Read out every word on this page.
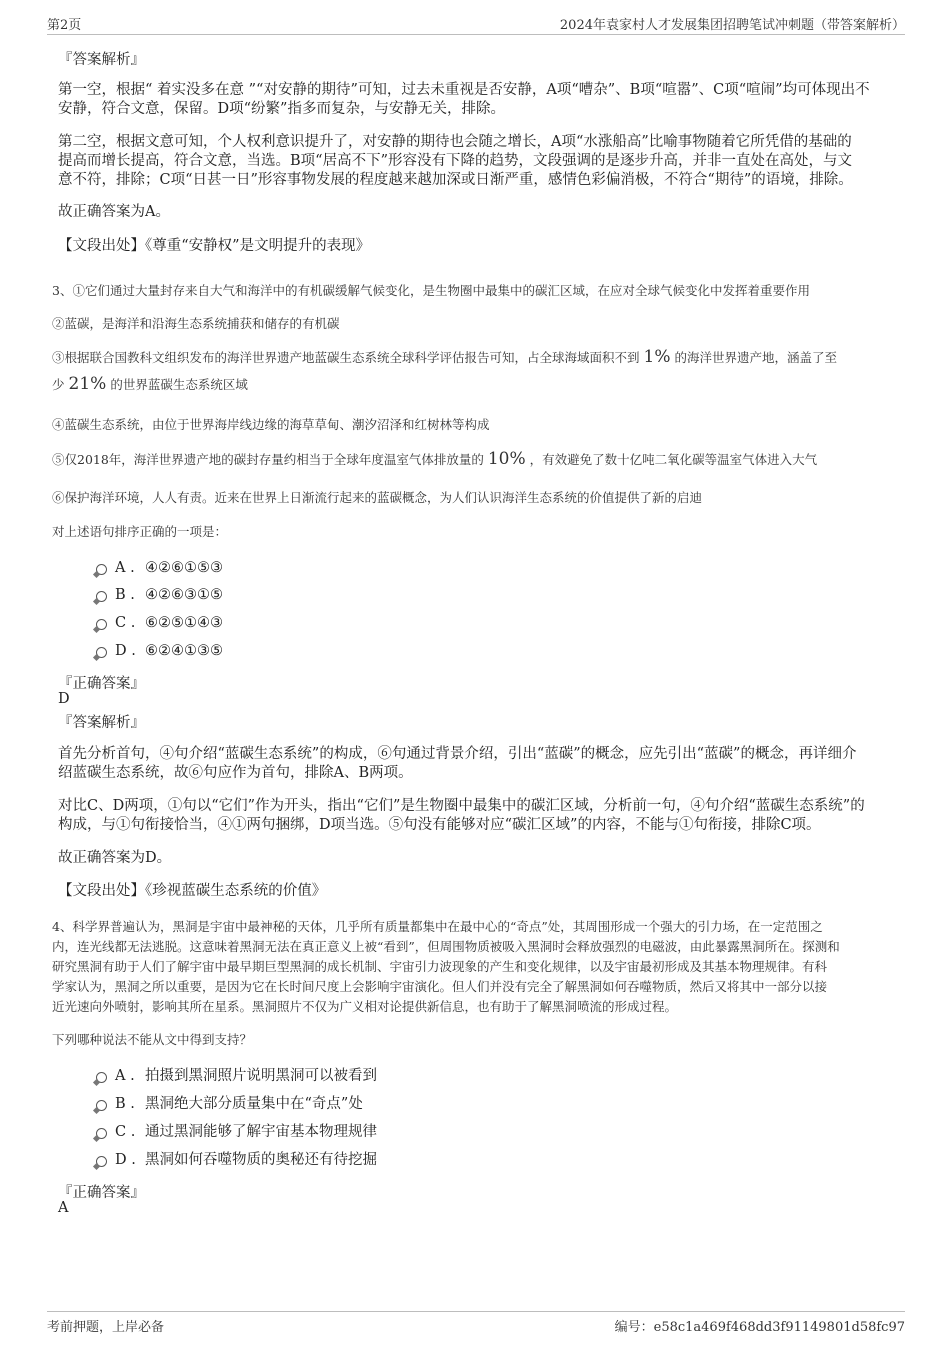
第2页	2024年袁家村人才发展集团招聘笔试冲刺题（带答案解析）
『答案解析』
第一空，根据“ 着实没多在意 ”“对安静的期待”可知，过去未重视是否安静，A项“嘈杂”、B项“喧嚣”、C项“喧闹”均可体现出不
安静，符合文意，保留。D项“纷繁”指多而复杂，与安静无关，排除。
第二空，根据文意可知，个人权利意识提升了，对安静的期待也会随之增长，A项“水涨船高”比喻事物随着它所凭借的基础的
提高而增长提高，符合文意，当选。B项“居高不下”形容没有下降的趋势，文段强调的是逐步升高，并非一直处在高处，与文
意不符，排除；C项“日甚一日”形容事物发展的程度越来越加深或日渐严重，感情色彩偏消极，不符合“期待”的语境，排除。
故正确答案为A。
【文段出处】《尊重“安静权”是文明提升的表现》
3、①它们通过大量封存来自大气和海洋中的有机碳缓解气候变化，是生物圈中最集中的碳汇区域，在应对全球气候变化中发挥着重要作用
②蓝碳，是海洋和沿海生态系统捕获和储存的有机碳
③根据联合国教科文组织发布的海洋世界遗产地蓝碳生态系统全球科学评估报告可知，占全球海域面积不到 1% 的海洋世界遗产地，涵盖了至
少 21% 的世界蓝碳生态系统区域
④蓝碳生态系统，由位于世界海岸线边缘的海草草甸、潮汐沼泽和红树林等构成
⑤仅2018年，海洋世界遗产地的碳封存量约相当于全球年度温室气体排放量的 10% ，有效避免了数十亿吨二氧化碳等温室气体进入大气
⑥保护海洋环境，人人有责。近来在世界上日渐流行起来的蓝碳概念，为人们认识海洋生态系统的价值提供了新的启迪
对上述语句排序正确的一项是：
A . ④②⑥①⑤③
B . ④②⑥③①⑤
C . ⑥②⑤①④③
D . ⑥②④①③⑤
『正确答案』
D
『答案解析』
首先分析首句，④句介绍“蓝碳生态系统”的构成，⑥句通过背景介绍，引出“蓝碳”的概念，应先引出“蓝碳”的概念，再详细介
绍蓝碳生态系统，故⑥句应作为首句，排除A、B两项。
对比C、D两项，①句以“它们”作为开头，指出“它们”是生物圈中最集中的碳汇区域，分析前一句，④句介绍“蓝碳生态系统”的
构成，与①句衔接恰当，④①两句捆绑，D项当选。⑤句没有能够对应“碳汇区域”的内容，不能与①句衔接，排除C项。
故正确答案为D。
【文段出处】《珍视蓝碳生态系统的价值》
4、科学界普遍认为，黑洞是宇宙中最神秘的天体，几乎所有质量都集中在最中心的“奇点”处，其周围形成一个强大的引力场，在一定范围之
内，连光线都无法逃脱。这意味着黑洞无法在真正意义上被“看到”，但周围物质被吸入黑洞时会释放强烈的电磁波，由此暴露黑洞所在。探测和
研究黑洞有助于人们了解宇宙中最早期巨型黑洞的成长机制、宇宙引力波现象的产生和变化规律，以及宇宙最初形成及其基本物理规律。有科
学家认为，黑洞之所以重要，是因为它在长时间尺度上会影响宇宙演化。但人们并没有完全了解黑洞如何吞噬物质，然后又将其中一部分以接
近光速向外喷射，影响其所在星系。黑洞照片不仅为广义相对论提供新信息，也有助于了解黑洞喷流的形成过程。
下列哪种说法不能从文中得到支持？
A . 拍摄到黑洞照片说明黑洞可以被看到
B . 黑洞绝大部分质量集中在“奇点”处
C . 通过黑洞能够了解宇宙基本物理规律
D . 黑洞如何吞噬物质的奥秘还有待挖掘
『正确答案』
A
考前押题，上岸必备	编号：e58c1a469f468dd3f91149801d58fc97
